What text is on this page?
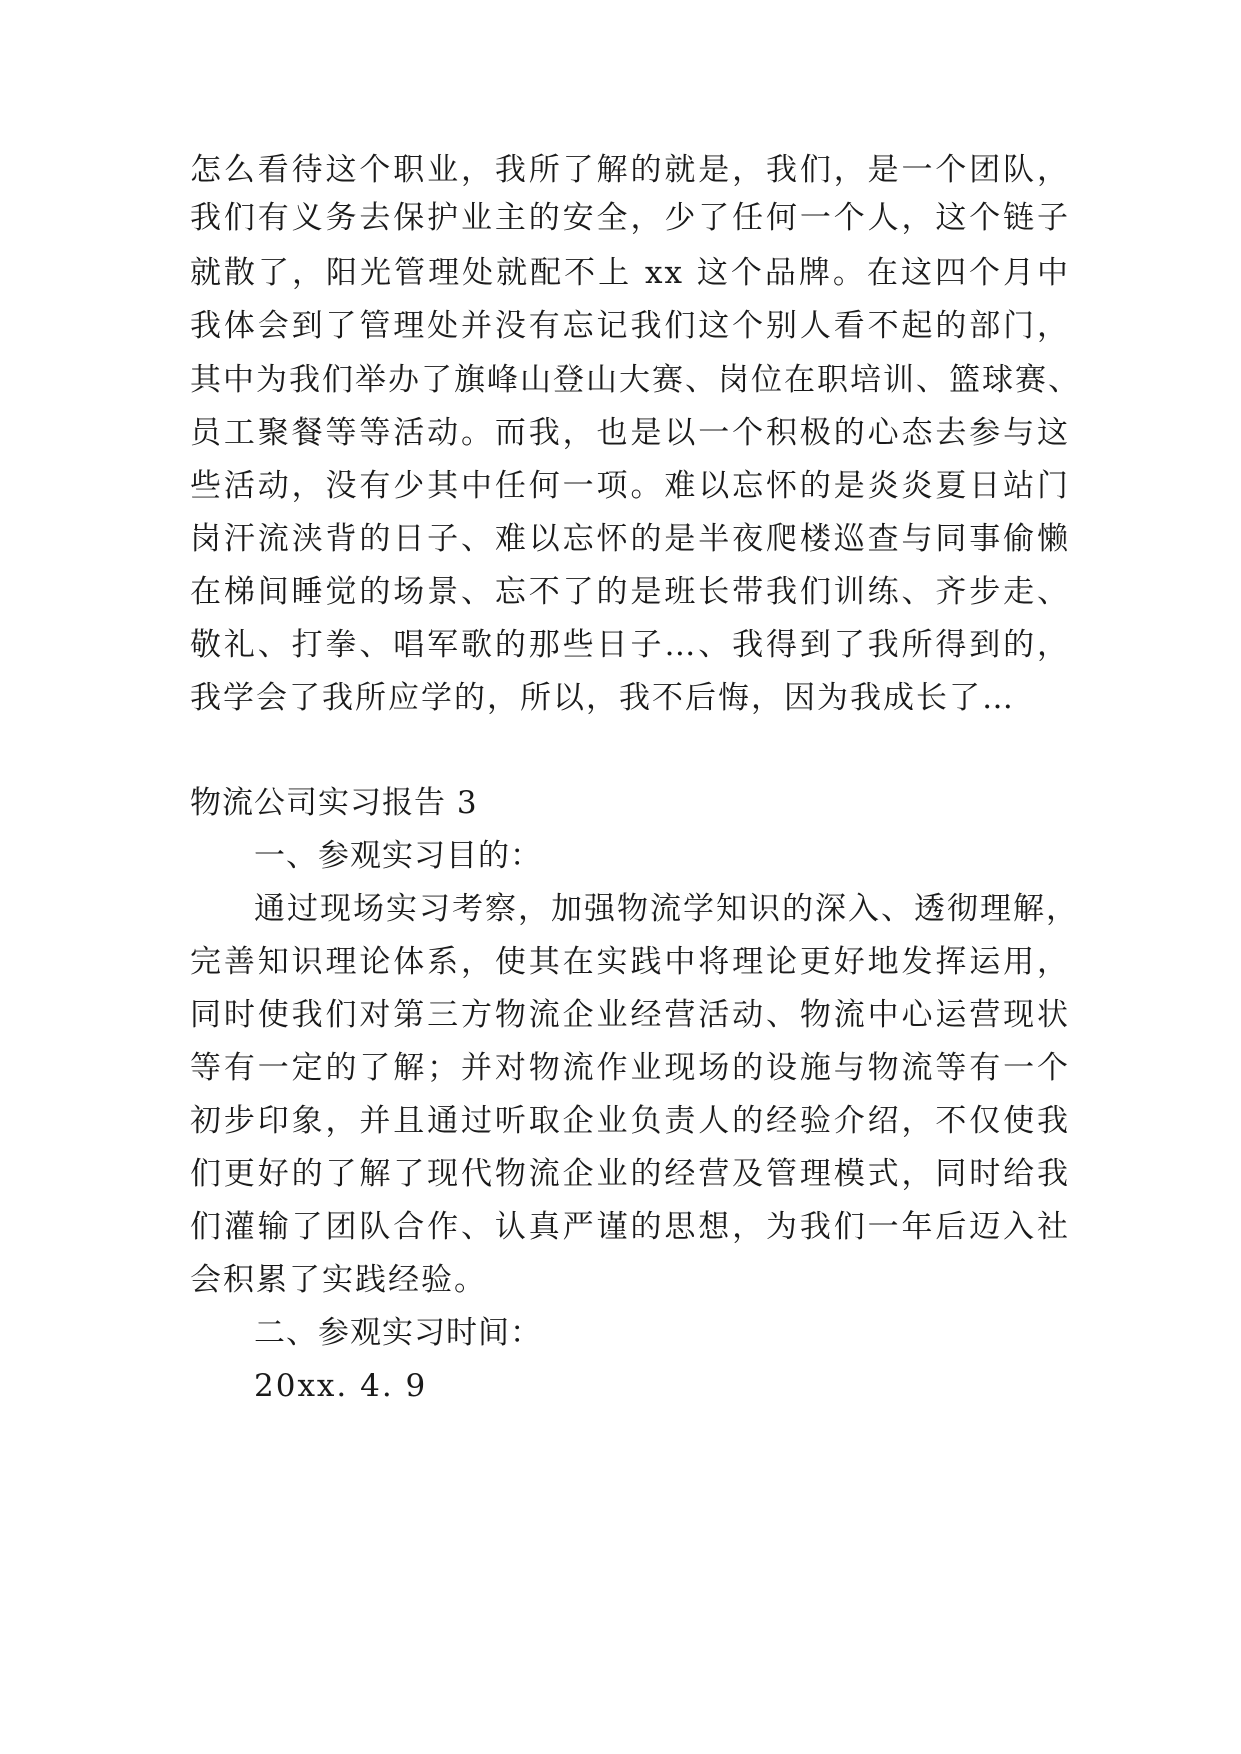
怎么看待这个职业，我所了解的就是，我们，是一个团队，
我们有义务去保护业主的安全，少了任何一个人，这个链子
就散了，阳光管理处就配不上 xx 这个品牌。在这四个月中
我体会到了管理处并没有忘记我们这个别人看不起的部门，
其中为我们举办了旗峰山登山大赛、岗位在职培训、篮球赛、
员工聚餐等等活动。而我，也是以一个积极的心态去参与这
些活动，没有少其中任何一项。难以忘怀的是炎炎夏日站门
岗汗流浃背的日子、难以忘怀的是半夜爬楼巡查与同事偷懒
在梯间睡觉的场景、忘不了的是班长带我们训练、齐步走、
敬礼、打拳、唱军歌的那些日子…、我得到了我所得到的，
我学会了我所应学的，所以，我不后悔，因为我成长了…
物流公司实习报告 3
一、参观实习目的：
通过现场实习考察，加强物流学知识的深入、透彻理解，
完善知识理论体系，使其在实践中将理论更好地发挥运用，
同时使我们对第三方物流企业经营活动、物流中心运营现状
等有一定的了解；并对物流作业现场的设施与物流等有一个
初步印象，并且通过听取企业负责人的经验介绍，不仅使我
们更好的了解了现代物流企业的经营及管理模式，同时给我
们灌输了团队合作、认真严谨的思想，为我们一年后迈入社
会积累了实践经验。
二、参观实习时间：
20xx. 4. 9
